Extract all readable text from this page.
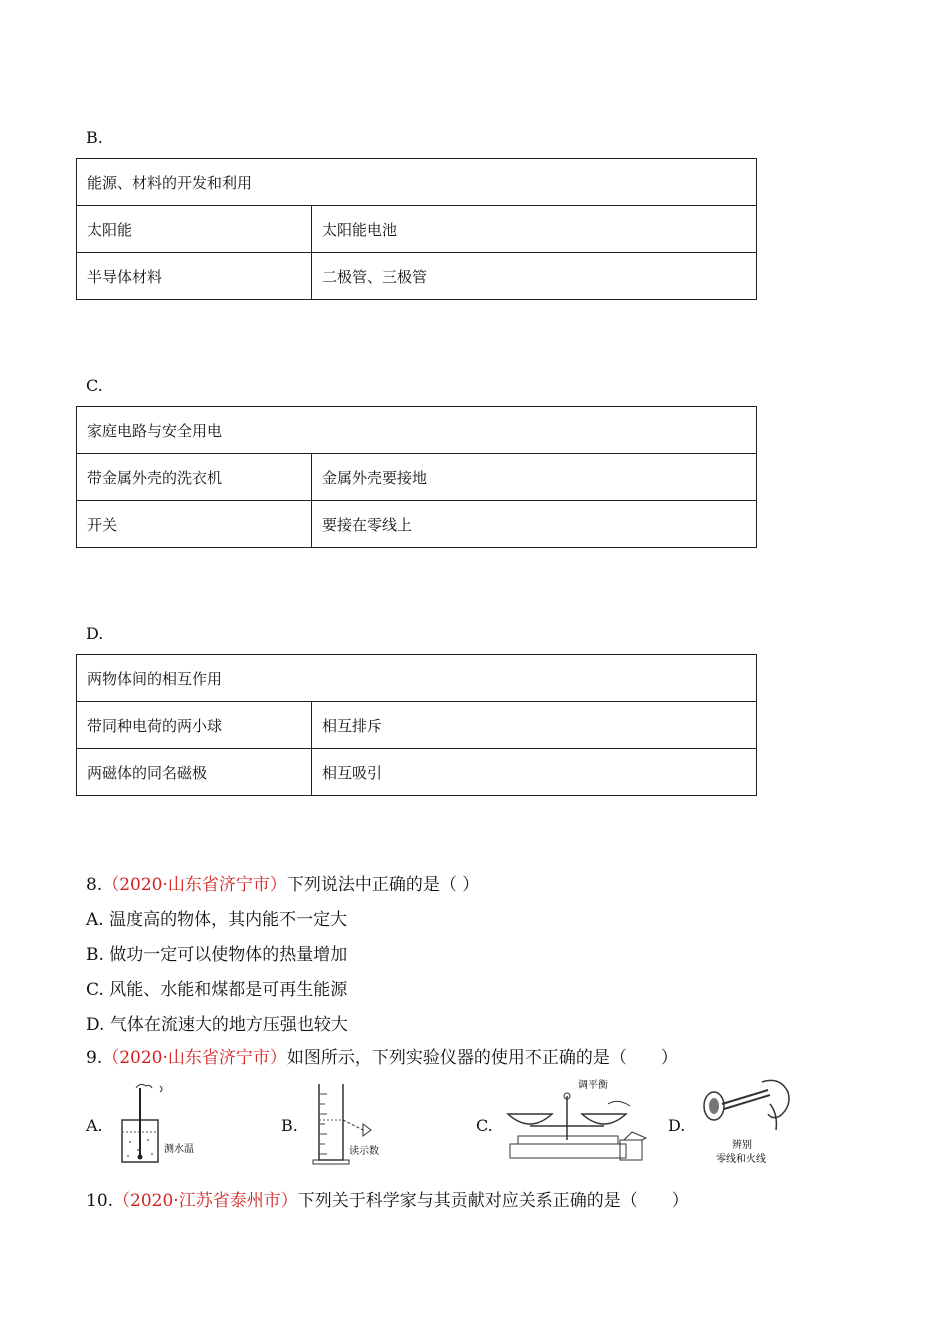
B.
能源、材料的开发和利用	
太阳能	太阳能电池
半导体材料	二极管、三极管
C.
家庭电路与安全用电	
带金属外壳的洗衣机	金属外壳要接地
开关	要接在零线上
D.
两物体间的相互作用	
带同种电荷的两小球	相互排斥
两磁体的同名磁极	相互吸引
8.（2020·山东省济宁市）下列说法中正确的是（ ）
A. 温度高的物体，其内能不一定大
B. 做功一定可以使物体的热量增加
C. 风能、水能和煤都是可再生能源
D. 气体在流速大的地方压强也较大
9.（2020·山东省济宁市）如图所示，下列实验仪器的使用不正确的是（　　）
A.
测水温
B.
读示数
C.
调平衡
D.
辨别
零线和火线
10.（2020·江苏省泰州市）下列关于科学家与其贡献对应关系正确的是（　　）
